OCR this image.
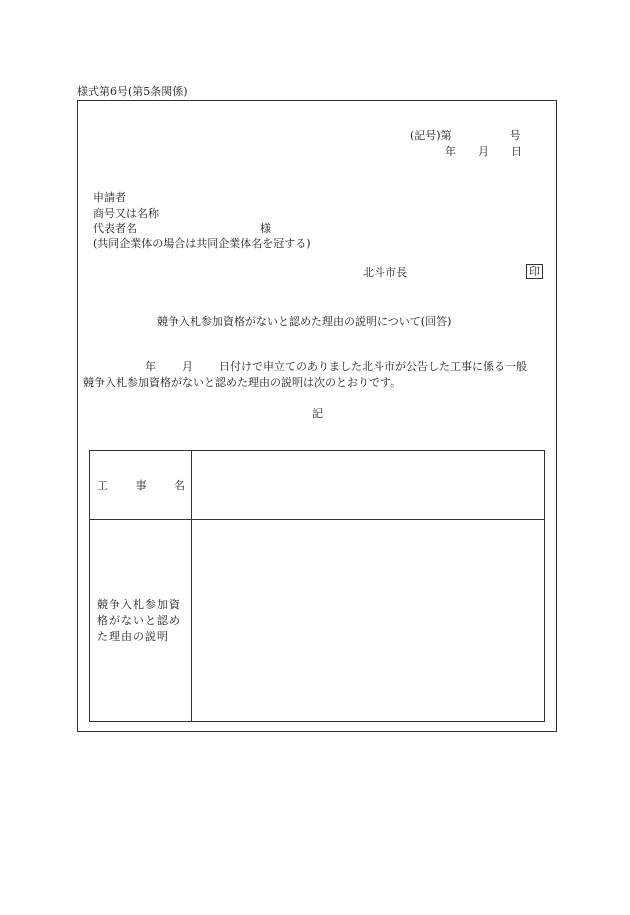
様式第6号(第5条関係)
(記号)第	号
年 月 日
申請者
商号又は名称
代表者名	様
(共同企業体の場合は共同企業体名を冠する)
北斗市長	印
競争入札参加資格がないと認めた理由の説明について(回答)
年 月 日付けで申立てのありました北斗市が公告した工事に係る一般
競争入札参加資格がないと認めた理由の説明は次のとおりです。
記
工 事 名	

競争入札参加資格がないと認めた理由の説明	
